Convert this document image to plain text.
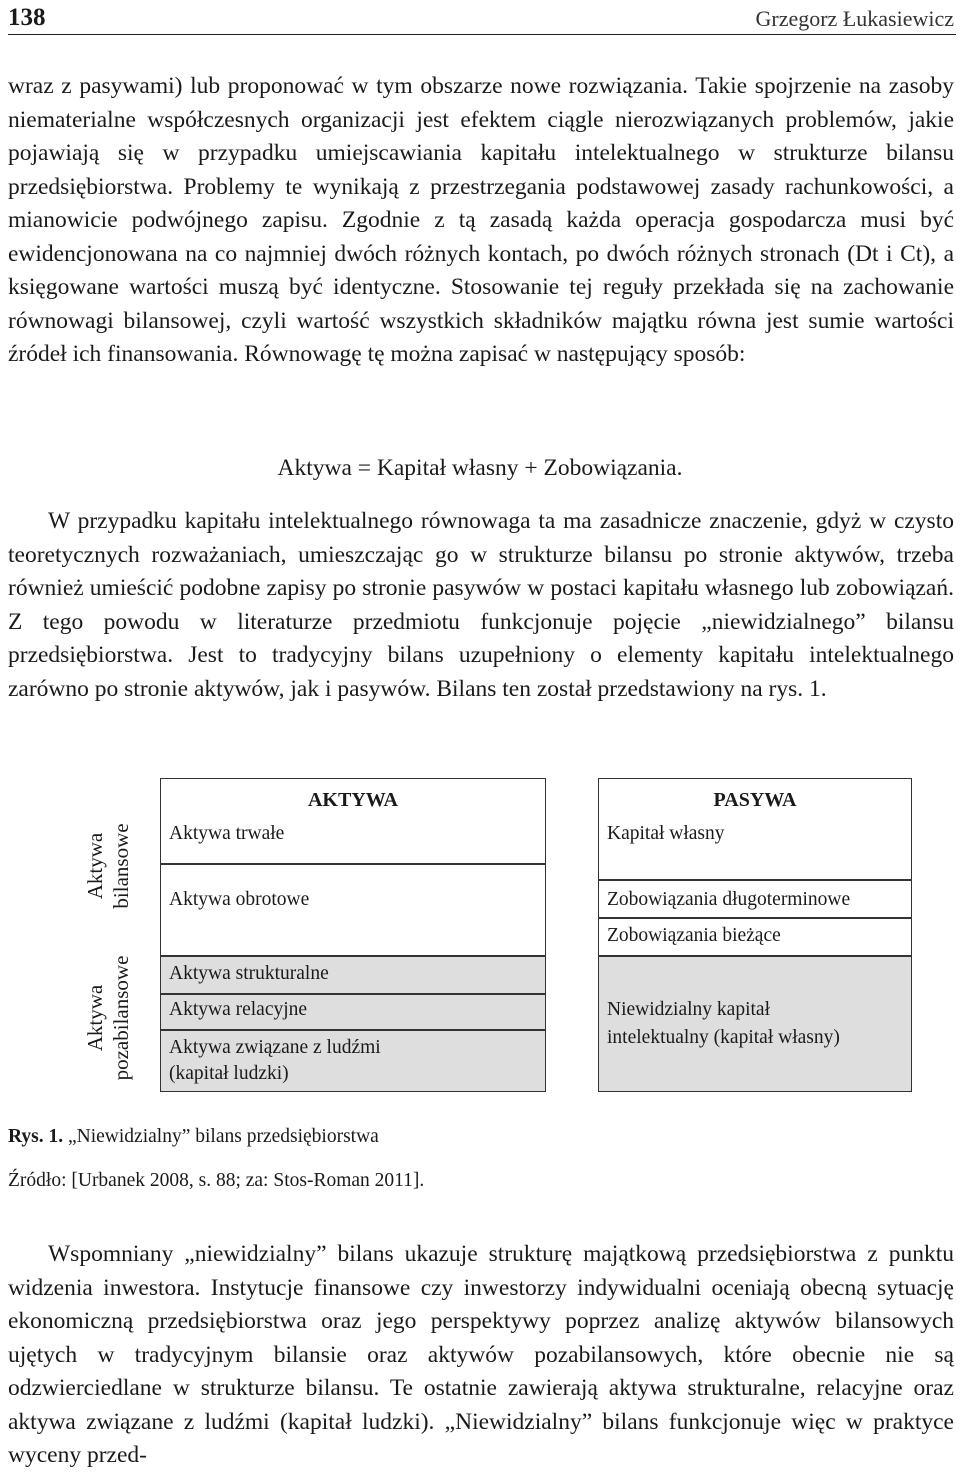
138	Grzegorz Łukasiewicz

wraz z pasywami) lub proponować w tym obszarze nowe rozwiązania. Takie spojrzenie na zasoby niematerialne współczesnych organizacji jest efektem ciągle nierozwiązanych problemów, jakie pojawiają się w przypadku umiejscawiania kapitału intelektualnego w strukturze bilansu przedsiębiorstwa. Problemy te wynikają z przestrzegania podstawowej zasady rachunkowości, a mianowicie podwójnego zapisu. Zgodnie z tą zasadą każda operacja gospodarcza musi być ewidencjonowana na co najmniej dwóch różnych kontach, po dwóch różnych stronach (Dt i Ct), a księgowane wartości muszą być identyczne. Stosowanie tej reguły przekłada się na zachowanie równowagi bilansowej, czyli wartość wszystkich składników majątku równa jest sumie wartości źródeł ich finansowania. Równowagę tę można zapisać w następujący sposób:

Aktywa = Kapitał własny + Zobowiązania.

W przypadku kapitału intelektualnego równowaga ta ma zasadnicze znaczenie, gdyż w czysto teoretycznych rozważaniach, umieszczając go w strukturze bilansu po stronie aktywów, trzeba również umieścić podobne zapisy po stronie pasywów w postaci kapitału własnego lub zobowiązań. Z tego powodu w literaturze przedmiotu funkcjonuje pojęcie „niewidzialnego” bilansu przedsiębiorstwa. Jest to tradycyjny bilans uzupełniony o elementy kapitału intelektualnego zarówno po stronie aktywów, jak i pasywów. Bilans ten został przedstawiony na rys. 1.

Aktywa
bilansowe
Aktywa
pozabilansowe
AKTYWA
Aktywa trwałe
Aktywa obrotowe
Aktywa strukturalne
Aktywa relacyjne
Aktywa związane z ludźmi
(kapitał ludzki)
PASYWA
Kapitał własny
Zobowiązania długoterminowe
Zobowiązania bieżące
Niewidzialny kapitał
intelektualny (kapitał własny)
Rys. 1. „Niewidzialny” bilans przedsiębiorstwa
Źródło: [Urbanek 2008, s. 88; za: Stos-Roman 2011].

Wspomniany „niewidzialny” bilans ukazuje strukturę majątkową przedsiębiorstwa z punktu widzenia inwestora. Instytucje finansowe czy inwestorzy indywidualni oceniają obecną sytuację ekonomiczną przedsiębiorstwa oraz jego perspektywy poprzez analizę aktywów bilansowych ujętych w tradycyjnym bilansie oraz aktywów pozabilansowych, które obecnie nie są odzwierciedlane w strukturze bilansu. Te ostatnie zawierają aktywa strukturalne, relacyjne oraz aktywa związane z ludźmi (kapitał ludzki). „Niewidzialny” bilans funkcjonuje więc w praktyce wyceny przed-
